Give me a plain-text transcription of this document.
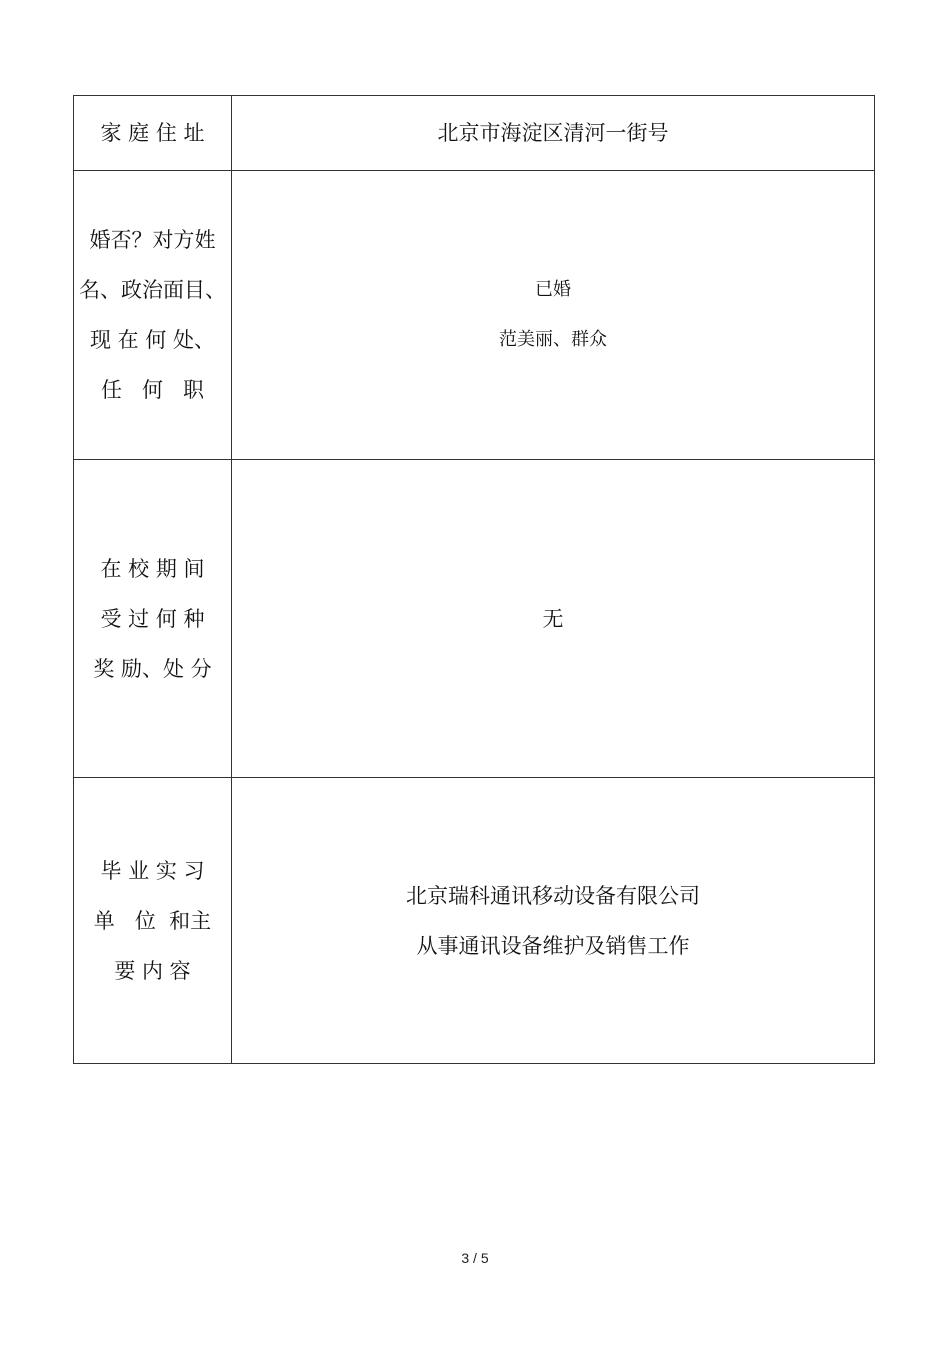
家 庭 住 址	北京市海淀区清河一街号
婚否？对方姓
名、政治面目、
现 在 何 处、
任   何   职
已婚
范美丽、群众
在 校 期 间
受 过 何 种
奖 励、处 分
无
毕 业 实 习
单   位  和主
要 内 容
北京瑞科通讯移动设备有限公司
从事通讯设备维护及销售工作
3 / 5
